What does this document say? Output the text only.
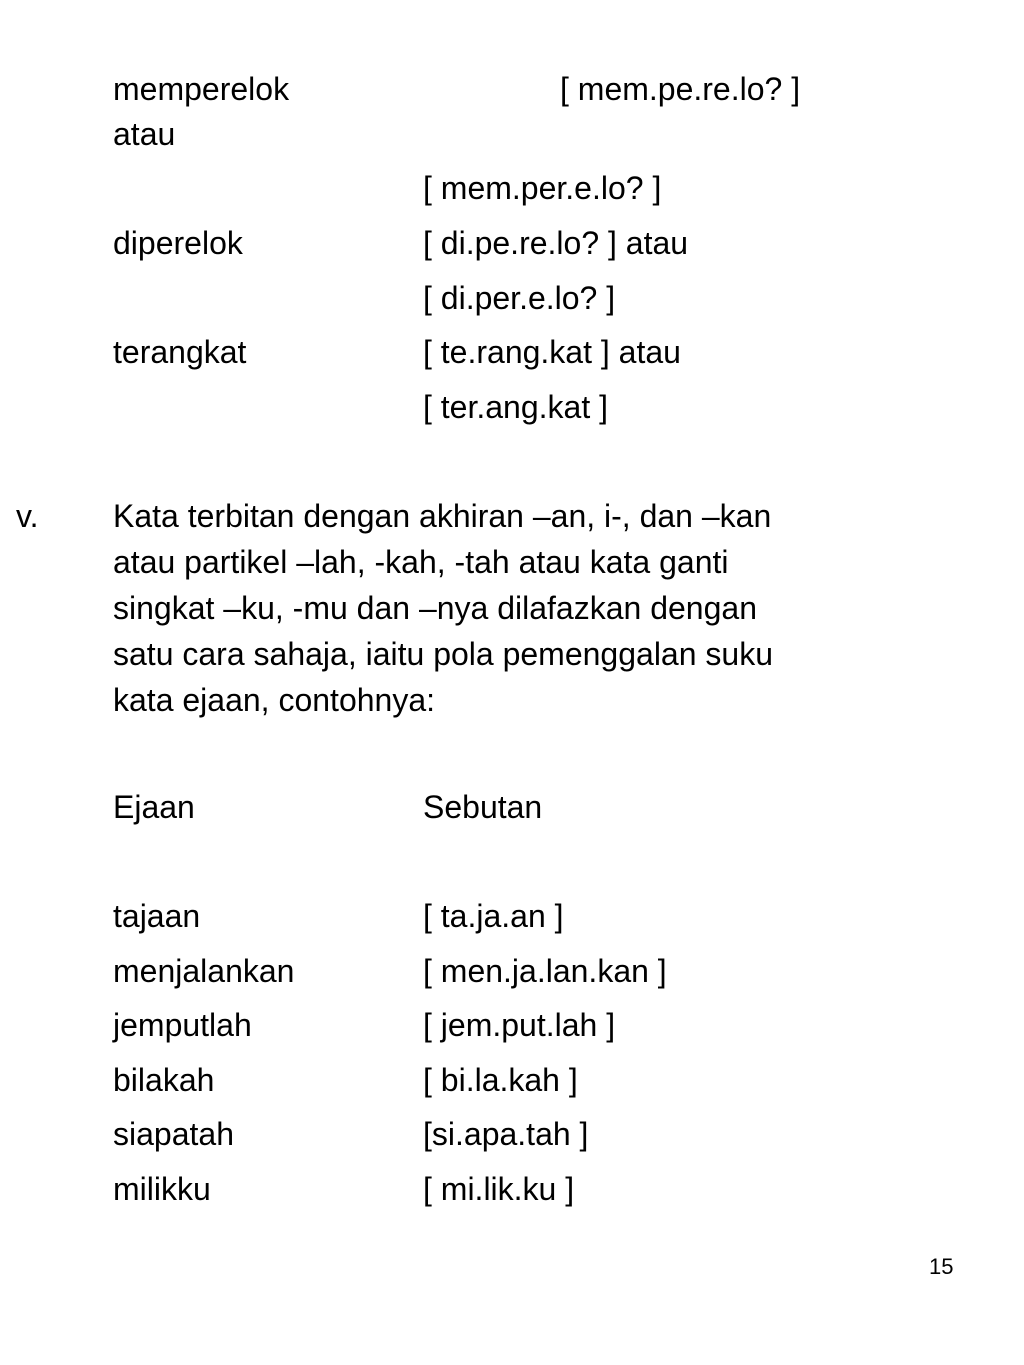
memperelok	[ mem.pe.re.lo? ]
atau
[ mem.per.e.lo? ]
diperelok	[ di.pe.re.lo? ] atau
[ di.per.e.lo? ]
terangkat	[ te.rang.kat ] atau
[ ter.ang.kat ]
v. Kata terbitan dengan akhiran –an, i-, dan –kan
atau partikel –lah, -kah, -tah atau kata ganti
singkat –ku, -mu dan –nya dilafazkan dengan
satu cara sahaja, iaitu pola pemenggalan suku
kata ejaan, contohnya:
Ejaan	Sebutan
tajaan	[ ta.ja.an ]
menjalankan	[ men.ja.lan.kan ]
jemputlah	[ jem.put.lah ]
bilakah	[ bi.la.kah ]
siapatah	[si.apa.tah ]
milikku	[ mi.lik.ku ]
15
